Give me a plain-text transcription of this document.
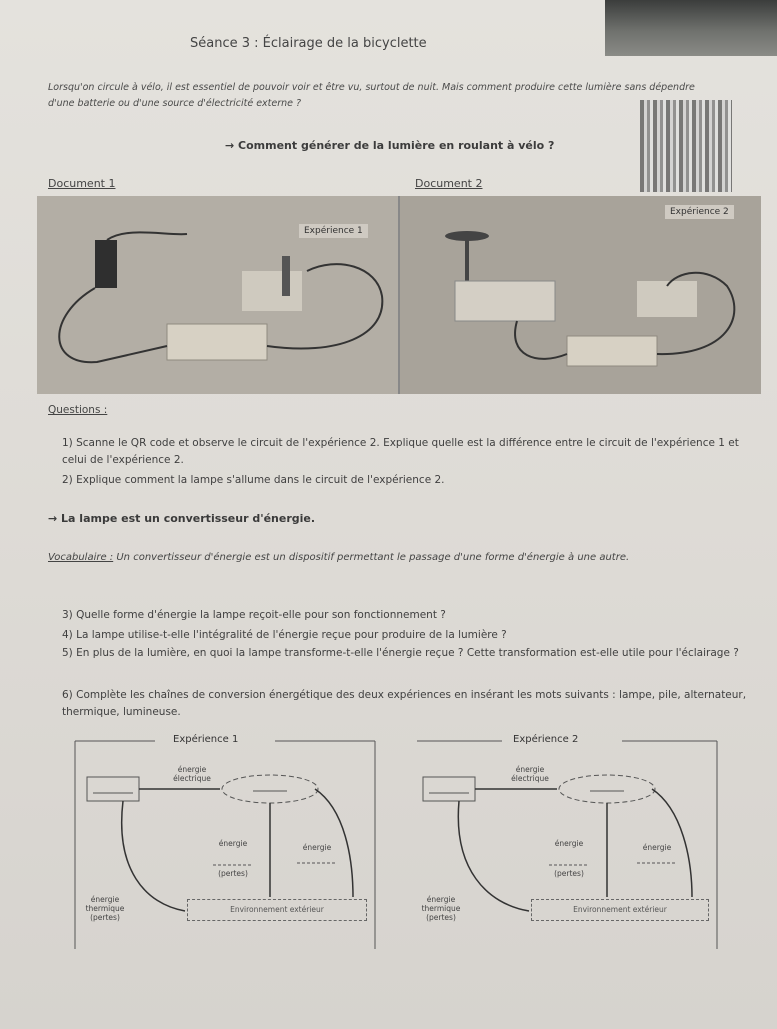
Séance 3 : Éclairage de la bicyclette
Lorsqu'on circule à vélo, il est essentiel de pouvoir voir et être vu, surtout de nuit. Mais comment produire cette lumière sans dépendre d'une batterie ou d'une source d'électricité externe ?
→ Comment générer de la lumière en roulant à vélo ?
Document 1	Document 2
Expérience 1
Expérience 2
Questions :
1) Scanne le QR code et observe le circuit de l'expérience 2. Explique quelle est la différence entre le circuit de l'expérience 1 et celui de l'expérience 2.
2) Explique comment la lampe s'allume dans le circuit de l'expérience 2.
→ La lampe est un convertisseur d'énergie.
Vocabulaire : Un convertisseur d'énergie est un dispositif permettant le passage d'une forme d'énergie à une autre.
3) Quelle forme d'énergie la lampe reçoit-elle pour son fonctionnement ?
4) La lampe utilise-t-elle l'intégralité de l'énergie reçue pour produire de la lumière ?
5) En plus de la lumière, en quoi la lampe transforme-t-elle l'énergie reçue ? Cette transformation est-elle utile pour l'éclairage ?
6) Complète les chaînes de conversion énergétique des deux expériences en insérant les mots suivants : lampe, pile, alternateur, thermique, lumineuse.
Expérience 1
énergie électrique
énergie
(pertes)
énergie
énergie thermique (pertes)
Environnement extérieur
Expérience 2
énergie électrique
énergie
(pertes)
énergie
énergie thermique (pertes)
Environnement extérieur
